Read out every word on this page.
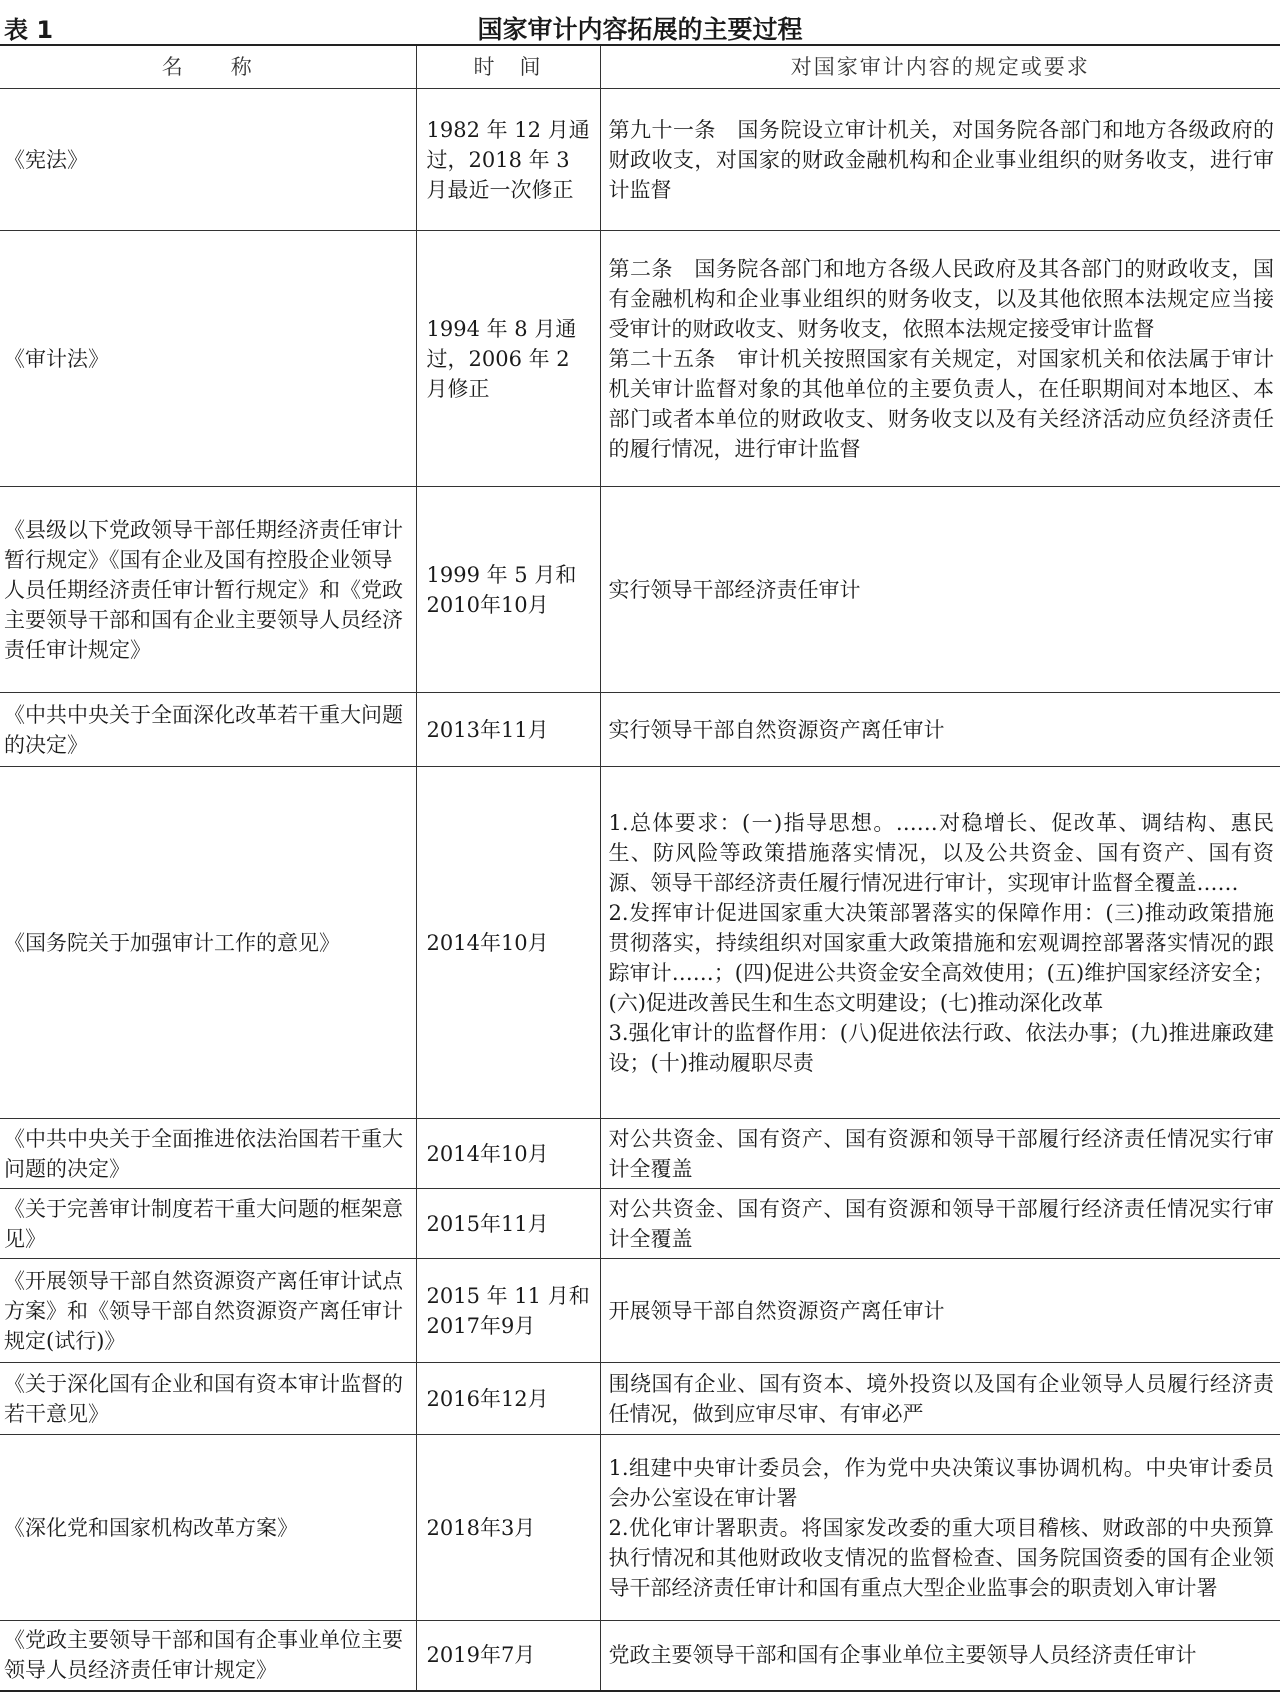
表 1	国家审计内容拓展的主要过程
名　　称	时　间	对国家审计内容的规定或要求
《宪法》	1982 年 12 月通过，2018 年 3 月最近一次修正	第九十一条　国务院设立审计机关，对国务院各部门和地方各级政府的财政收支，对国家的财政金融机构和企业事业组织的财务收支，进行审计监督

《审计法》	1994 年 8 月通过，2006 年 2 月修正	第二条　国务院各部门和地方各级人民政府及其各部门的财政收支，国有金融机构和企业事业组织的财务收支，以及其他依照本法规定应当接受审计的财政收支、财务收支，依照本法规定接受审计监督
第二十五条　审计机关按照国家有关规定，对国家机关和依法属于审计机关审计监督对象的其他单位的主要负责人，在任职期间对本地区、本部门或者本单位的财政收支、财务收支以及有关经济活动应负经济责任的履行情况，进行审计监督

《县级以下党政领导干部任期经济责任审计暂行规定》《国有企业及国有控股企业领导人员任期经济责任审计暂行规定》和《党政主要领导干部和国有企业主要领导人员经济责任审计规定》	1999 年 5 月和 2010年10月	实行领导干部经济责任审计

《中共中央关于全面深化改革若干重大问题的决定》	2013年11月	实行领导干部自然资源资产离任审计

《国务院关于加强审计工作的意见》	2014年10月	1.总体要求：(一)指导思想。……对稳增长、促改革、调结构、惠民生、防风险等政策措施落实情况，以及公共资金、国有资产、国有资源、领导干部经济责任履行情况进行审计，实现审计监督全覆盖……
2.发挥审计促进国家重大决策部署落实的保障作用：(三)推动政策措施贯彻落实，持续组织对国家重大政策措施和宏观调控部署落实情况的跟踪审计……；(四)促进公共资金安全高效使用；(五)维护国家经济安全；(六)促进改善民生和生态文明建设；(七)推动深化改革
3.强化审计的监督作用：(八)促进依法行政、依法办事；(九)推进廉政建设；(十)推动履职尽责

《中共中央关于全面推进依法治国若干重大问题的决定》	2014年10月	对公共资金、国有资产、国有资源和领导干部履行经济责任情况实行审计全覆盖

《关于完善审计制度若干重大问题的框架意见》	2015年11月	对公共资金、国有资产、国有资源和领导干部履行经济责任情况实行审计全覆盖

《开展领导干部自然资源资产离任审计试点方案》和《领导干部自然资源资产离任审计规定(试行)》	2015 年 11 月和 2017年9月	开展领导干部自然资源资产离任审计

《关于深化国有企业和国有资本审计监督的若干意见》	2016年12月	围绕国有企业、国有资本、境外投资以及国有企业领导人员履行经济责任情况，做到应审尽审、有审必严

《深化党和国家机构改革方案》	2018年3月	1.组建中央审计委员会，作为党中央决策议事协调机构。中央审计委员会办公室设在审计署
2.优化审计署职责。将国家发改委的重大项目稽核、财政部的中央预算执行情况和其他财政收支情况的监督检查、国务院国资委的国有企业领导干部经济责任审计和国有重点大型企业监事会的职责划入审计署

《党政主要领导干部和国有企事业单位主要领导人员经济责任审计规定》	2019年7月	党政主要领导干部和国有企事业单位主要领导人员经济责任审计
